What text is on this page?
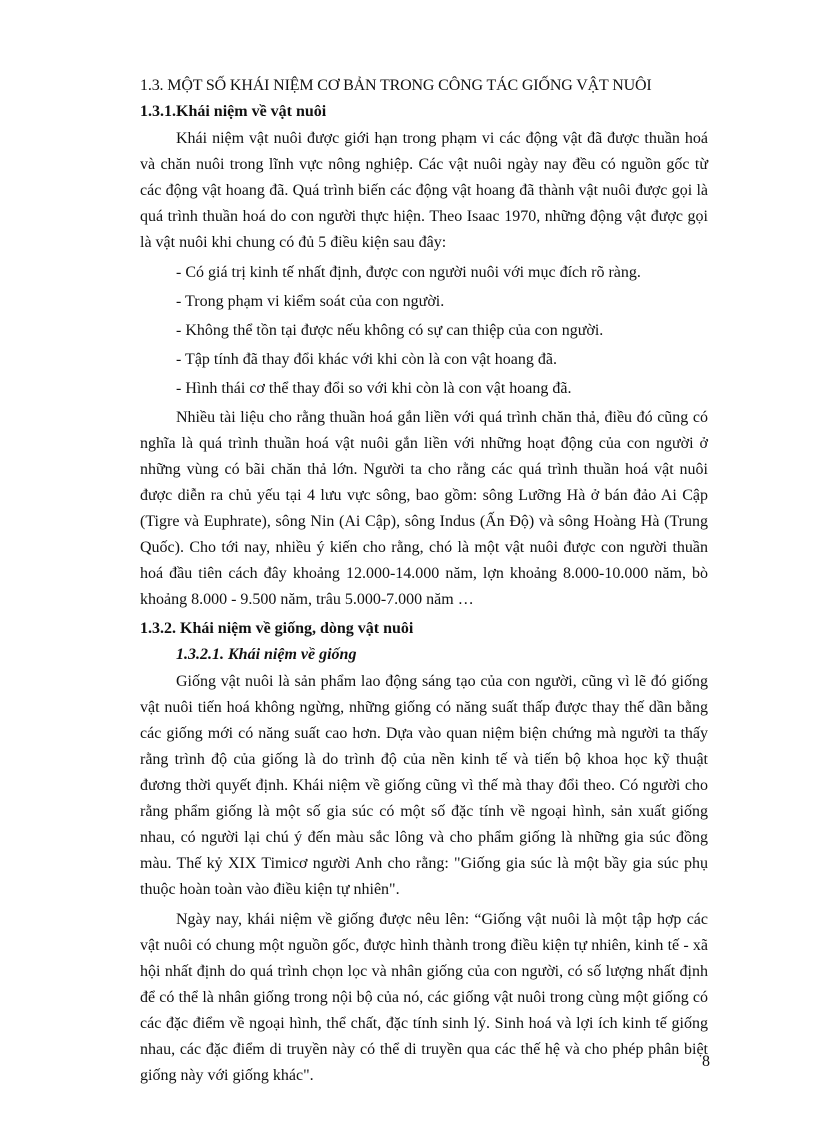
1.3. MỘT SỐ KHÁI NIỆM CƠ BẢN TRONG CÔNG TÁC GIỐNG VẬT NUÔI
1.3.1.Khái niệm về vật nuôi

Khái niệm vật nuôi được giới hạn trong phạm vi các động vật đã được thuần hoá và chăn nuôi trong lĩnh vực nông nghiệp. Các vật nuôi ngày nay đều có nguồn gốc từ các động vật hoang đã. Quá trình biến các động vật hoang đã thành vật nuôi được gọi là quá trình thuần hoá do con người thực hiện. Theo Isaac 1970, những động vật được gọi là vật nuôi khi chung có đủ 5 điều kiện sau đây:

- Có giá trị kinh tế nhất định, được con người nuôi với mục đích rõ ràng.
- Trong phạm vi kiểm soát của con người.
- Không thể tồn tại được nếu không có sự can thiệp của con người.
- Tập tính đã thay đổi khác với khi còn là con vật hoang đã.
- Hình thái cơ thể thay đổi so với khi còn là con vật hoang đã.

Nhiều tài liệu cho rằng thuần hoá gắn liền với quá trình chăn thả, điều đó cũng có nghĩa là quá trình thuần hoá vật nuôi gắn liền với những hoạt động của con người ở những vùng có bãi chăn thả lớn. Người ta cho rằng các quá trình thuần hoá vật nuôi được diễn ra chủ yếu tại 4 lưu vực sông, bao gồm: sông Lưỡng Hà ở bán đảo Ai Cập (Tigre và Euphrate), sông Nin (Ai Cập), sông Indus (Ấn Độ) và sông Hoàng Hà (Trung Quốc). Cho tới nay, nhiều ý kiến cho rằng, chó là một vật nuôi được con người thuần hoá đầu tiên cách đây khoảng 12.000-14.000 năm, lợn khoảng 8.000-10.000 năm, bò khoảng 8.000 - 9.500 năm, trâu 5.000-7.000 năm …

1.3.2. Khái niệm về giống, dòng vật nuôi
1.3.2.1. Khái niệm về giống

Giống vật nuôi là sản phẩm lao động sáng tạo của con người, cũng vì lẽ đó giống vật nuôi tiến hoá không ngừng, những giống có năng suất thấp được thay thế dần bằng các giống mới có năng suất cao hơn. Dựa vào quan niệm biện chứng mà người ta thấy rằng trình độ của giống là do trình độ của nền kinh tế và tiến bộ khoa học kỹ thuật đương thời quyết định. Khái niệm về giống cũng vì thế mà thay đổi theo. Có người cho rằng phẩm giống là một số gia súc có một số đặc tính về ngoại hình, sản xuất giống nhau, có người lại chú ý đến màu sắc lông và cho phẩm giống là những gia súc đồng màu. Thế kỷ XIX Timicơ người Anh cho rằng: "Giống gia súc là một bầy gia súc phụ thuộc hoàn toàn vào điều kiện tự nhiên".

Ngày nay, khái niệm về giống được nêu lên: “Giống vật nuôi là một tập hợp các vật nuôi có chung một nguồn gốc, được hình thành trong điều kiện tự nhiên, kinh tế - xã hội nhất định do quá trình chọn lọc và nhân giống của con người, có số lượng nhất định để có thể là nhân giống trong nội bộ của nó, các giống vật nuôi trong cùng một giống có các đặc điểm về ngoại hình, thể chất, đặc tính sinh lý. Sinh hoá và lợi ích kinh tế giống nhau, các đặc điểm di truyền này có thể di truyền qua các thế hệ và cho phép phân biệt giống này với giống khác".

8
